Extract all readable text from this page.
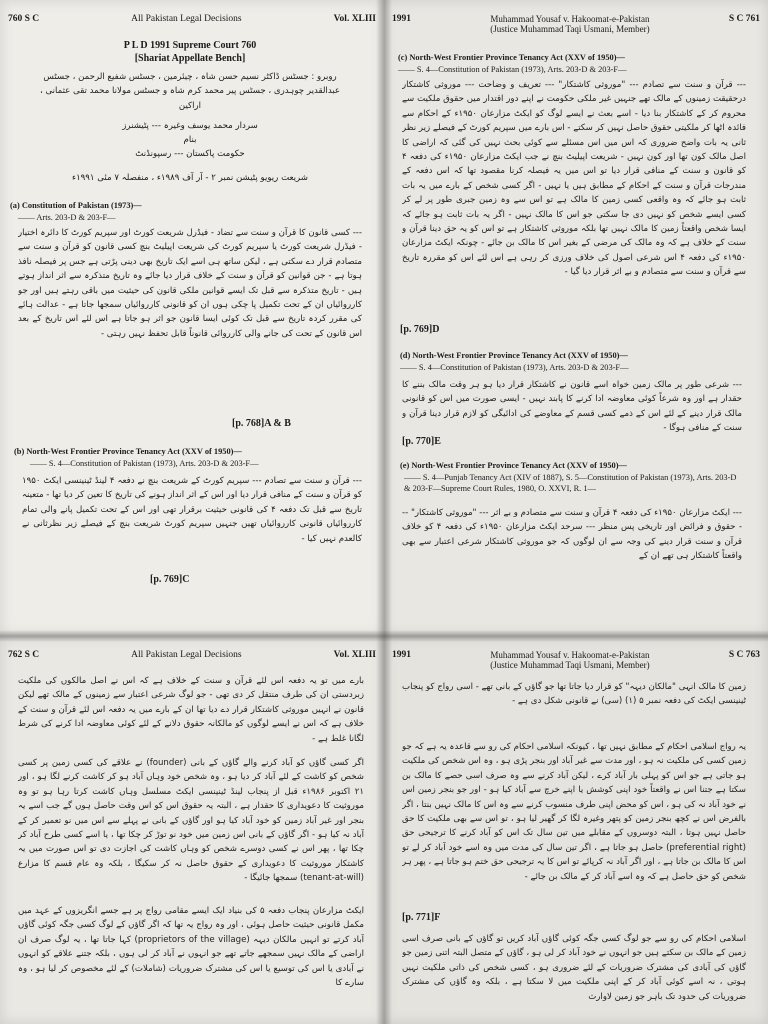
760 S C	All Pakistan Legal Decisions	Vol. XLIII
P L D 1991 Supreme Court 760
[Shariat Appellate Bench]
روبرو : جسٹس ڈاکٹر نسیم حسن شاہ ، چیئرمین ، جسٹس شفیع الرحمن ، جسٹس عبدالقدیر چوہدری ، جسٹس پیر محمد کرم شاہ و جسٹس مولانا محمد تقی عثمانی ، اراکین
سردار محمد یوسف وغیرہ --- پٹیشنرز
بنام
حکومت پاکستان --- رسپونڈنٹ
شریعت ریویو پٹیشن نمبر ۲ - آر آف ۱۹۸۹ء ، منفصلہ ۷ مئی ۱۹۹۱ء
(a) Constitution of Pakistan (1973)—
—— Arts. 203-D & 203-F—
--- کسی قانون کا قرآن و سنت سے تضاد - فیڈرل شریعت کورٹ اور سپریم کورٹ کا دائرہ اختیار - فیڈرل شریعت کورٹ یا سپریم کورٹ کی شریعت اپیلیٹ بنچ کسی قانون کو قرآن و سنت سے متصادم قرار دے سکتی ہے ، لیکن ساتھ ہی اسے ایک تاریخ بھی دینی پڑتی ہے جس پر فیصلہ نافذ ہوتا ہے - جن قوانین کو قرآن و سنت کے خلاف قرار دیا جائے وہ تاریخ متذکرہ سے اثر انداز ہوتے ہیں - تاریخ متذکرہ سے قبل تک ایسے قوانین ملکی قانون کی حیثیت میں باقی رہتے ہیں اور جو کارروائیاں ان کے تحت تکمیل پا چکی ہوں ان کو قانونی کارروائیاں سمجھا جاتا ہے - عدالت ہائے کی مقرر کردہ تاریخ سے قبل تک کوئی ایسا قانون جو اثر ہو جاتا ہے اس لئے اس تاریخ کے بعد اس قانون کے تحت کی جانے والی کارروائی قانوناً قابل تحفظ نہیں رہتی -
[p. 768]A & B
(b) North-West Frontier Province Tenancy Act (XXV of 1950)—
—— S. 4—Constitution of Pakistan (1973), Arts. 203-D & 203-F—
--- قرآن و سنت سے تصادم --- سپریم کورٹ کے شریعت بنچ نے دفعہ ۴ لینڈ ٹینینسی ایکٹ ۱۹۵۰ کو قرآن و سنت کے منافی قرار دیا اور اس کے اثر انداز ہونے کی تاریخ کا تعین کر دیا تھا - متعینہ تاریخ سے قبل تک دفعہ ۴ کی قانونی حیثیت برقرار تھی اور اس کے تحت تکمیل پانے والی تمام کارروائیاں قانونی کارروائیاں تھیں جنہیں سپریم کورٹ شریعت بنچ کے فیصلے زیر نظرثانی نے کالعدم نہیں کیا -
[p. 769]C
1991	Muhammad Yousaf v. Hakoomat-e-Pakistan
(Justice Muhammad Taqi Usmani, Member)
S C 761
(c) North-West Frontier Province Tenancy Act (XXV of 1950)—
—— S. 4—Constitution of Pakistan (1973), Arts. 203-D & 203-F—
--- قرآن و سنت سے تصادم --- "موروثی کاشتکار" --- تعریف و وضاحت --- موروثی کاشتکار درحقیقت زمینوں کے مالک تھے جنہیں غیر ملکی حکومت نے اپنے دور اقتدار میں حقوق ملکیت سے محروم کر کے کاشتکار بنا دیا - اسے بعث نے ایسے لوگ کو ایکٹ مزارعان ۱۹۵۰ء کے احکام سے فائدہ اٹھا کر ملکیتی حقوق حاصل نہیں کر سکتے - اس بارے میں سپریم کورٹ کے فیصلے زیر نظر ثانی یہ بات واضح ضروری کہ اس میں اس مسئلے سے کوئی بحث نہیں کی گئی کہ اراضی کا اصل مالک کون تھا اور کون نہیں - شریعت اپیلیٹ بنچ نے جب ایکٹ مزارعان ۱۹۵۰ء کی دفعہ ۴ کو قانون و سنت کے منافی قرار دیا تو اس میں یہ فیصلہ کرنا مقصود تھا کہ اس دفعہ کے مندرجات قرآن و سنت کے احکام کے مطابق ہیں یا نہیں - اگر کسی شخص کے بارے میں یہ بات ثابت ہو جائے کہ وہ واقعی کسی زمین کا مالک ہے تو اس سے وہ زمین جبری طور پر لے کر کسی ایسے شخص کو نہیں دی جا سکتی جو اس کا مالک نہیں - اگر یہ بات ثابت ہو جائے کہ ایسا شخص واقعتاً زمین کا مالک نہیں تھا بلکہ موروثی کاشتکار ہے تو اس کو یہ حق دینا قرآن و سنت کے خلاف ہے کہ وہ مالک کی مرضی کے بغیر اس کا مالک بن جائے - چونکہ ایکٹ مزارعان ۱۹۵۰ء کی دفعہ ۴ اس شرعی اصول کی خلاف ورزی کر رہی ہے اس لئے اس کو مقررہ تاریخ سے قرآن و سنت سے متصادم و بے اثر قرار دیا گیا -
[p. 769]D
(d) North-West Frontier Province Tenancy Act (XXV of 1950)—
—— S. 4—Constitution of Pakistan (1973), Arts. 203-D & 203-F—
--- شرعی طور پر مالک زمین خواہ اسے قانون نے کاشتکار قرار دیا ہو ہر وقت مالک بننے کا حقدار ہے اور وہ شرعاً کوئی معاوضہ ادا کرنے کا پابند نہیں - ایسی صورت میں اس کو قانونی مالک قرار دینے کے لئے اس کے ذمے کسی قسم کے معاوضے کی ادائیگی کو لازم قرار دینا قرآن و سنت کے منافی ہوگا -
[p. 770]E
(e) North-West Frontier Province Tenancy Act (XXV of 1950)—
—— S. 4—Punjab Tenancy Act (XIV of 1887), S. 5—Constitution of Pakistan (1973), Arts. 203-D & 203-F—Supreme Court Rules, 1980, O. XXVI, R. 1—
--- ایکٹ مزارعان ۱۹۵۰ء کی دفعہ ۴ قرآن و سنت سے متصادم و بے اثر --- "موروثی کاشتکار" --- حقوق و فرائض اور تاریخی پس منظر --- سرحد ایکٹ مزارعان ۱۹۵۰ء کی دفعہ ۴ کو خلاف قرآن و سنت قرار دینے کی وجہ سے ان لوگوں کہ جو موروثی کاشتکار شرعی اعتبار سے بھی واقعتاً کاشتکار ہی تھے ان کے
762 S C	All Pakistan Legal Decisions	Vol. XLIII
بارے میں تو یہ دفعہ اس لئے قرآن و سنت کے خلاف ہے کہ اس نے اصل مالکوں کی ملکیت زبردستی ان کی طرف منتقل کر دی تھی - جو لوگ شرعی اعتبار سے زمینوں کے مالک تھے لیکن قانون نے انہیں موروثی کاشتکار قرار دے دیا تھا ان کے بارے میں یہ دفعہ اس لئے قرآن و سنت کے خلاف ہے کہ اس نے ایسے لوگوں کو مالکانہ حقوق دلانے کے لئے کوئی معاوضہ ادا کرنے کی شرط لگانا غلط ہے -
اگر کسی گاؤں کو آباد کرنے والے گاؤں کے بانی (founder) نے علاقے کی کسی زمین پر کسی شخص کو کاشت کے لئے آباد کر دیا ہو ، وہ شخص خود وہاں آباد ہو کر کاشت کرنے لگا ہو ، اور ۲۱ اکتوبر ۱۹۸۶ء قبل از پنجاب لینڈ ٹینینسی ایکٹ مسلسل وہاں کاشت کرتا رہا ہو تو وہ موروثیت کا دعویداری کا حقدار ہے ، البتہ یہ حقوق اس کو اس وقت حاصل ہوں گے جب اسے یہ بنجر اور غیر آباد زمین کو خود آباد کیا ہو اور گاؤں کے بانی نے پہلے سے اس میں نو تعمیر کر کے آباد نہ کیا ہو - اگر گاؤں کے بانی اس زمین میں خود نو توڑ کر چکا تھا ، یا اسے کسی طرح آباد کر چکا تھا ، پھر اس نے کسی دوسرے شخص کو وہاں کاشت کی اجازت دی تو اس صورت میں یہ کاشتکار موروثیت کا دعویداری کے حقوق حاصل نہ کر سکیگا ، بلکہ وہ عام قسم کا مزارع (tenant-at-will) سمجھا جائیگا -
ایکٹ مزارعان پنجاب دفعہ ۵ کی بنیاد ایک ایسے مقامی رواج پر ہے جسے انگریزوں کے عہد میں مکمل قانونی حیثیت حاصل ہوئی ، اور وہ رواج یہ تھا کہ اگر گاؤں کے لوگ کسی جگہ کوئی گاؤں آباد کرتے تو انہیں مالکان دیہہ (proprietors of the village) کہا جاتا تھا ، یہ لوگ صرف ان اراضی کے مالک نہیں سمجھے جاتے تھے جو انہوں نے آباد کر لی ہوں ، بلکہ جتنے علاقے کو انہوں نے آبادی یا اس کی توسیع یا اس کی مشترک ضروریات (شاملات) کے لئے مخصوص کر لیا ہو ، وہ سارے کا
1991	Muhammad Yousaf v. Hakoomat-e-Pakistan
(Justice Muhammad Taqi Usmani, Member)
S C 763
زمین کا مالک انہی "مالکان دیہہ" کو قرار دیا جاتا تھا جو گاؤں کے بانی تھے - اسی رواج کو پنجاب ٹینینسی ایکٹ کی دفعہ نمبر ۵ (۱) (سی) نے قانونی شکل دی ہے -
یہ رواج اسلامی احکام کے مطابق نہیں تھا ، کیونکہ اسلامی احکام کی رو سے قاعدہ یہ ہے کہ جو زمین کسی کی ملکیت نہ ہو ، اور مدت سے غیر آباد اور بنجر پڑی ہو ، وہ اس شخص کی ملکیت ہو جاتی ہے جو اس کو پہلی بار آباد کرے ، لیکن آباد کرنے سے وہ صرف اسی حصے کا مالک بن سکتا ہے جتنا اس نے واقعتاً خود اپنی کوشش یا اپنے خرچ سے آباد کیا ہو - اور جو بنجر زمین اس نے خود آباد نہ کی ہو ، اس کو محض اپنی طرف منسوب کرنے سے وہ اس کا مالک نہیں بنتا ، اگر بالفرض اس نے کچھ بنجر زمین کو پتھر وغیرہ لگا کر گھیر لیا ہو ، تو اس سے بھی ملکیت کا حق حاصل نہیں ہوتا ، البتہ دوسروں کے مقابلے میں تین سال تک اس کو آباد کرنے کا ترجیحی حق (preferential right) حاصل ہو جاتا ہے ، اگر تین سال کی مدت میں وہ اسے خود آباد کر لے تو اس کا مالک بن جاتا ہے ، اور اگر آباد نہ کرپائے تو اس کا یہ ترجیحی حق ختم ہو جاتا ہے ، پھر ہر شخص کو حق حاصل ہے کہ وہ اسے آباد کر کے مالک بن جائے -
[p. 771]F
اسلامی احکام کی رو سے جو لوگ کسی جگہ کوئی گاؤں آباد کریں تو گاؤں کے بانی صرف اسی زمین کے مالک بن سکتے ہیں جو انہوں نے خود آباد کر لی ہو ، گاؤں کے متصل البتہ اتنی زمین جو گاؤں کی آبادی کی مشترک ضروریات کے لئے ضروری ہو ، کسی شخص کی ذاتی ملکیت نہیں ہوتی ، نہ اسے کوئی آباد کر کے اپنی ملکیت میں لا سکتا ہے ، بلکہ وہ گاؤں کی مشترک ضروریات کی حدود تک باہر جو زمین لاوارث
